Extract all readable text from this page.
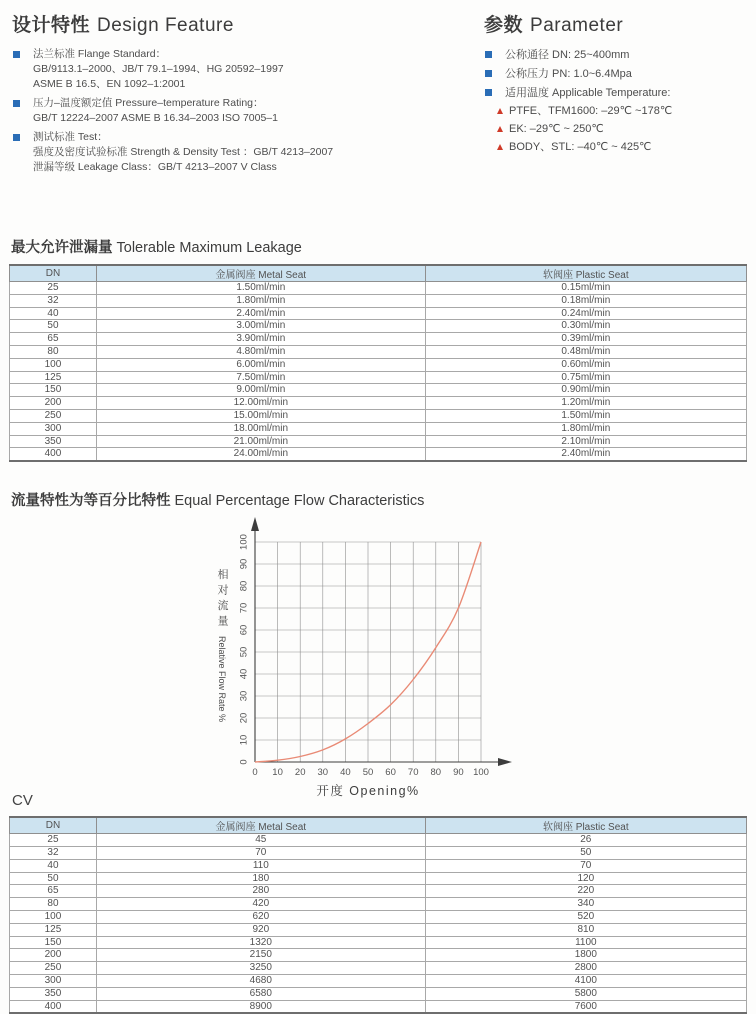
设计特性 Design Feature
法兰标准 Flange Standard：
GB/9113.1–2000、JB/T 79.1–1994、HG 20592–1997
ASME B 16.5、EN 1092–1:2001
压力–温度额定值 Pressure–temperature Rating：
GB/T 12224–2007 ASME B 16.34–2003 ISO 7005–1
测试标准 Test：
强度及密度试验标准 Strength & Density Test ：GB/T 4213–2007
泄漏等级 Leakage Class：GB/T 4213–2007 V Class
参数 Parameter
公称通径 DN: 25~400mm
公称压力 PN: 1.0~6.4Mpa
适用温度 Applicable Temperature:
PTFE、TFM1600: –29℃ ~178℃
EK: –29℃ ~ 250℃
BODY、STL: –40℃ ~ 425℃
最大允许泄漏量 Tolerable Maximum Leakage
DN	金属阀座 Metal Seat	软阀座 Plastic Seat
25	1.50ml/min	0.15ml/min
32	1.80ml/min	0.18ml/min
40	2.40ml/min	0.24ml/min
50	3.00ml/min	0.30ml/min
65	3.90ml/min	0.39ml/min
80	4.80ml/min	0.48ml/min
100	6.00ml/min	0.60ml/min
125	7.50ml/min	0.75ml/min
150	9.00ml/min	0.90ml/min
200	12.00ml/min	1.20ml/min
250	15.00ml/min	1.50ml/min
300	18.00ml/min	1.80ml/min
350	21.00ml/min	2.10ml/min
400	24.00ml/min	2.40ml/min
流量特性为等百分比特性 Equal Percentage Flow Characteristics
0 10 20 30 40 50 60 70 80 90 100
0
10
20
30
40
50
60
70
80
90
100
相
对
流
量
Relative Flow Rate %
开度 Opening%
CV
DN	金属阀座 Metal Seat	软阀座 Plastic Seat
25	45	26
32	70	50
40	110	70
50	180	120
65	280	220
80	420	340
100	620	520
125	920	810
150	1320	1100
200	2150	1800
250	3250	2800
300	4680	4100
350	6580	5800
400	8900	7600
